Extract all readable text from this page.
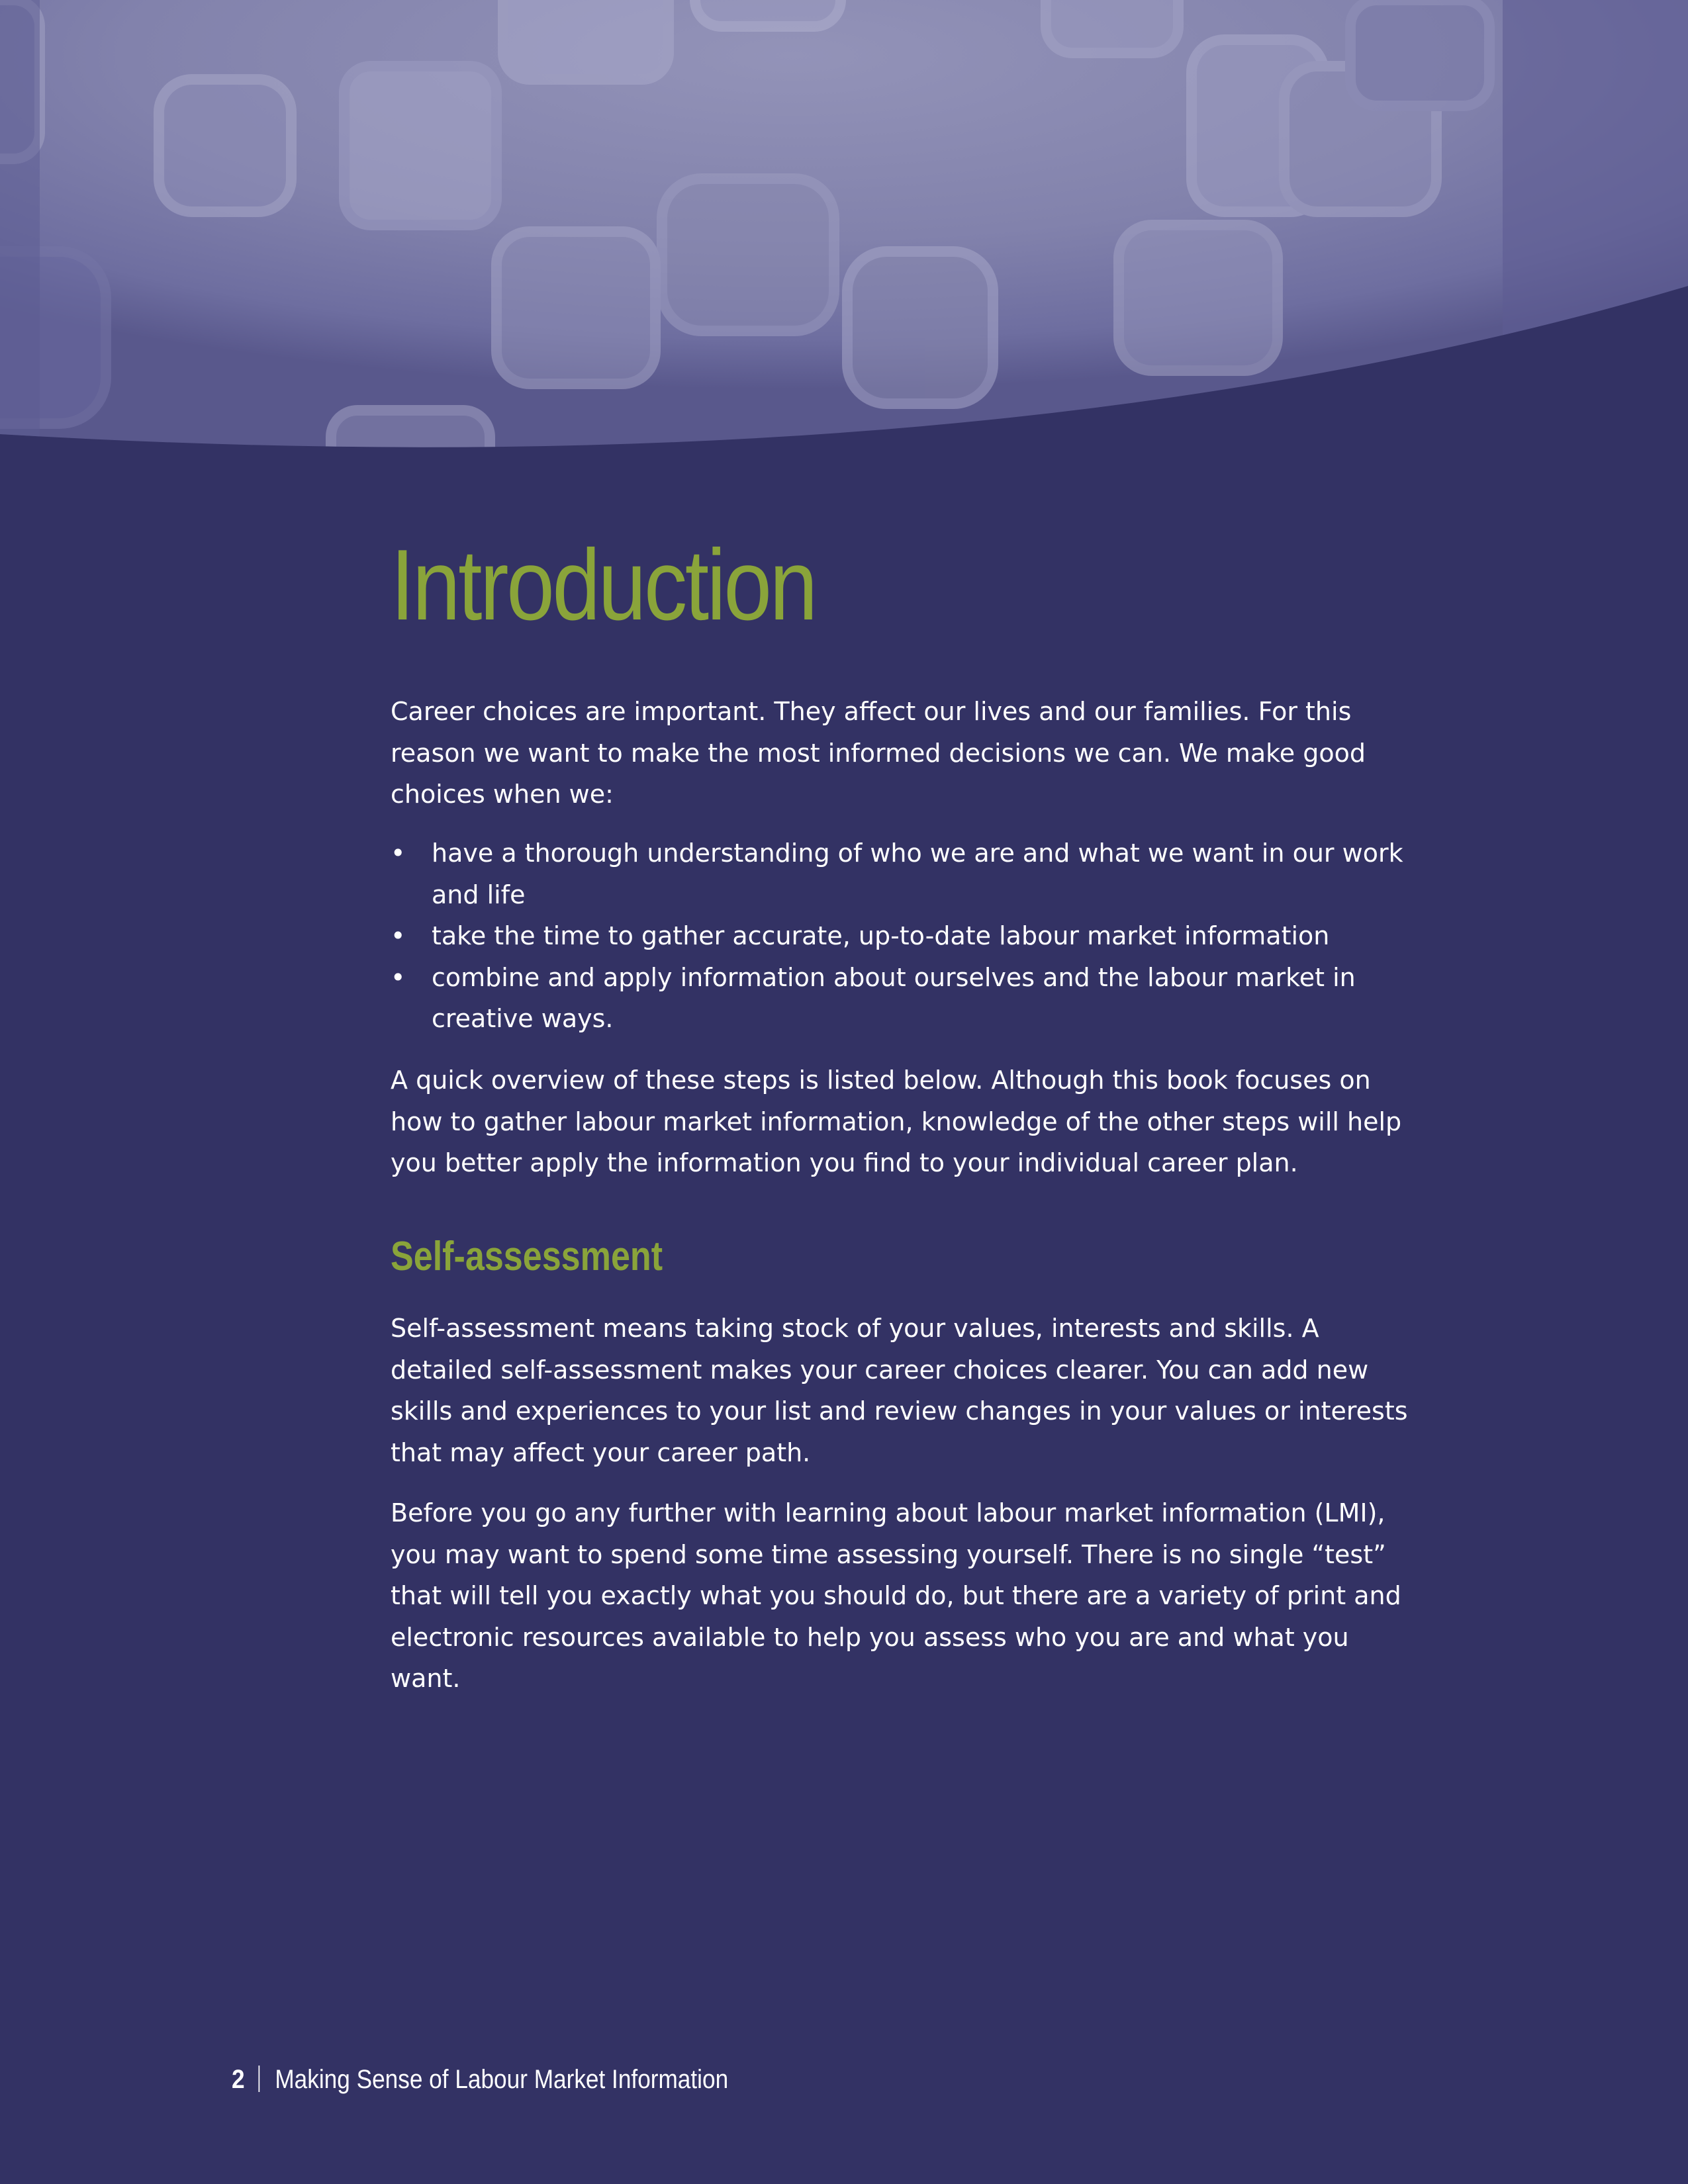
Introduction

Career choices are important. They affect our lives and our families. For this reason we want to make the most informed decisions we can. We make good choices when we:

• have a thorough understanding of who we are and what we want in our work and life
• take the time to gather accurate, up-to-date labour market information
• combine and apply information about ourselves and the labour market in creative ways.

A quick overview of these steps is listed below. Although this book focuses on how to gather labour market information, knowledge of the other steps will help you better apply the information you find to your individual career plan.

Self-assessment

Self-assessment means taking stock of your values, interests and skills. A detailed self-assessment makes your career choices clearer. You can add new skills and experiences to your list and review changes in your values or interests that may affect your career path.

Before you go any further with learning about labour market information (LMI), you may want to spend some time assessing yourself. There is no single “test” that will tell you exactly what you should do, but there are a variety of print and electronic resources available to help you assess who you are and what you want.

2 Making Sense of Labour Market Information
